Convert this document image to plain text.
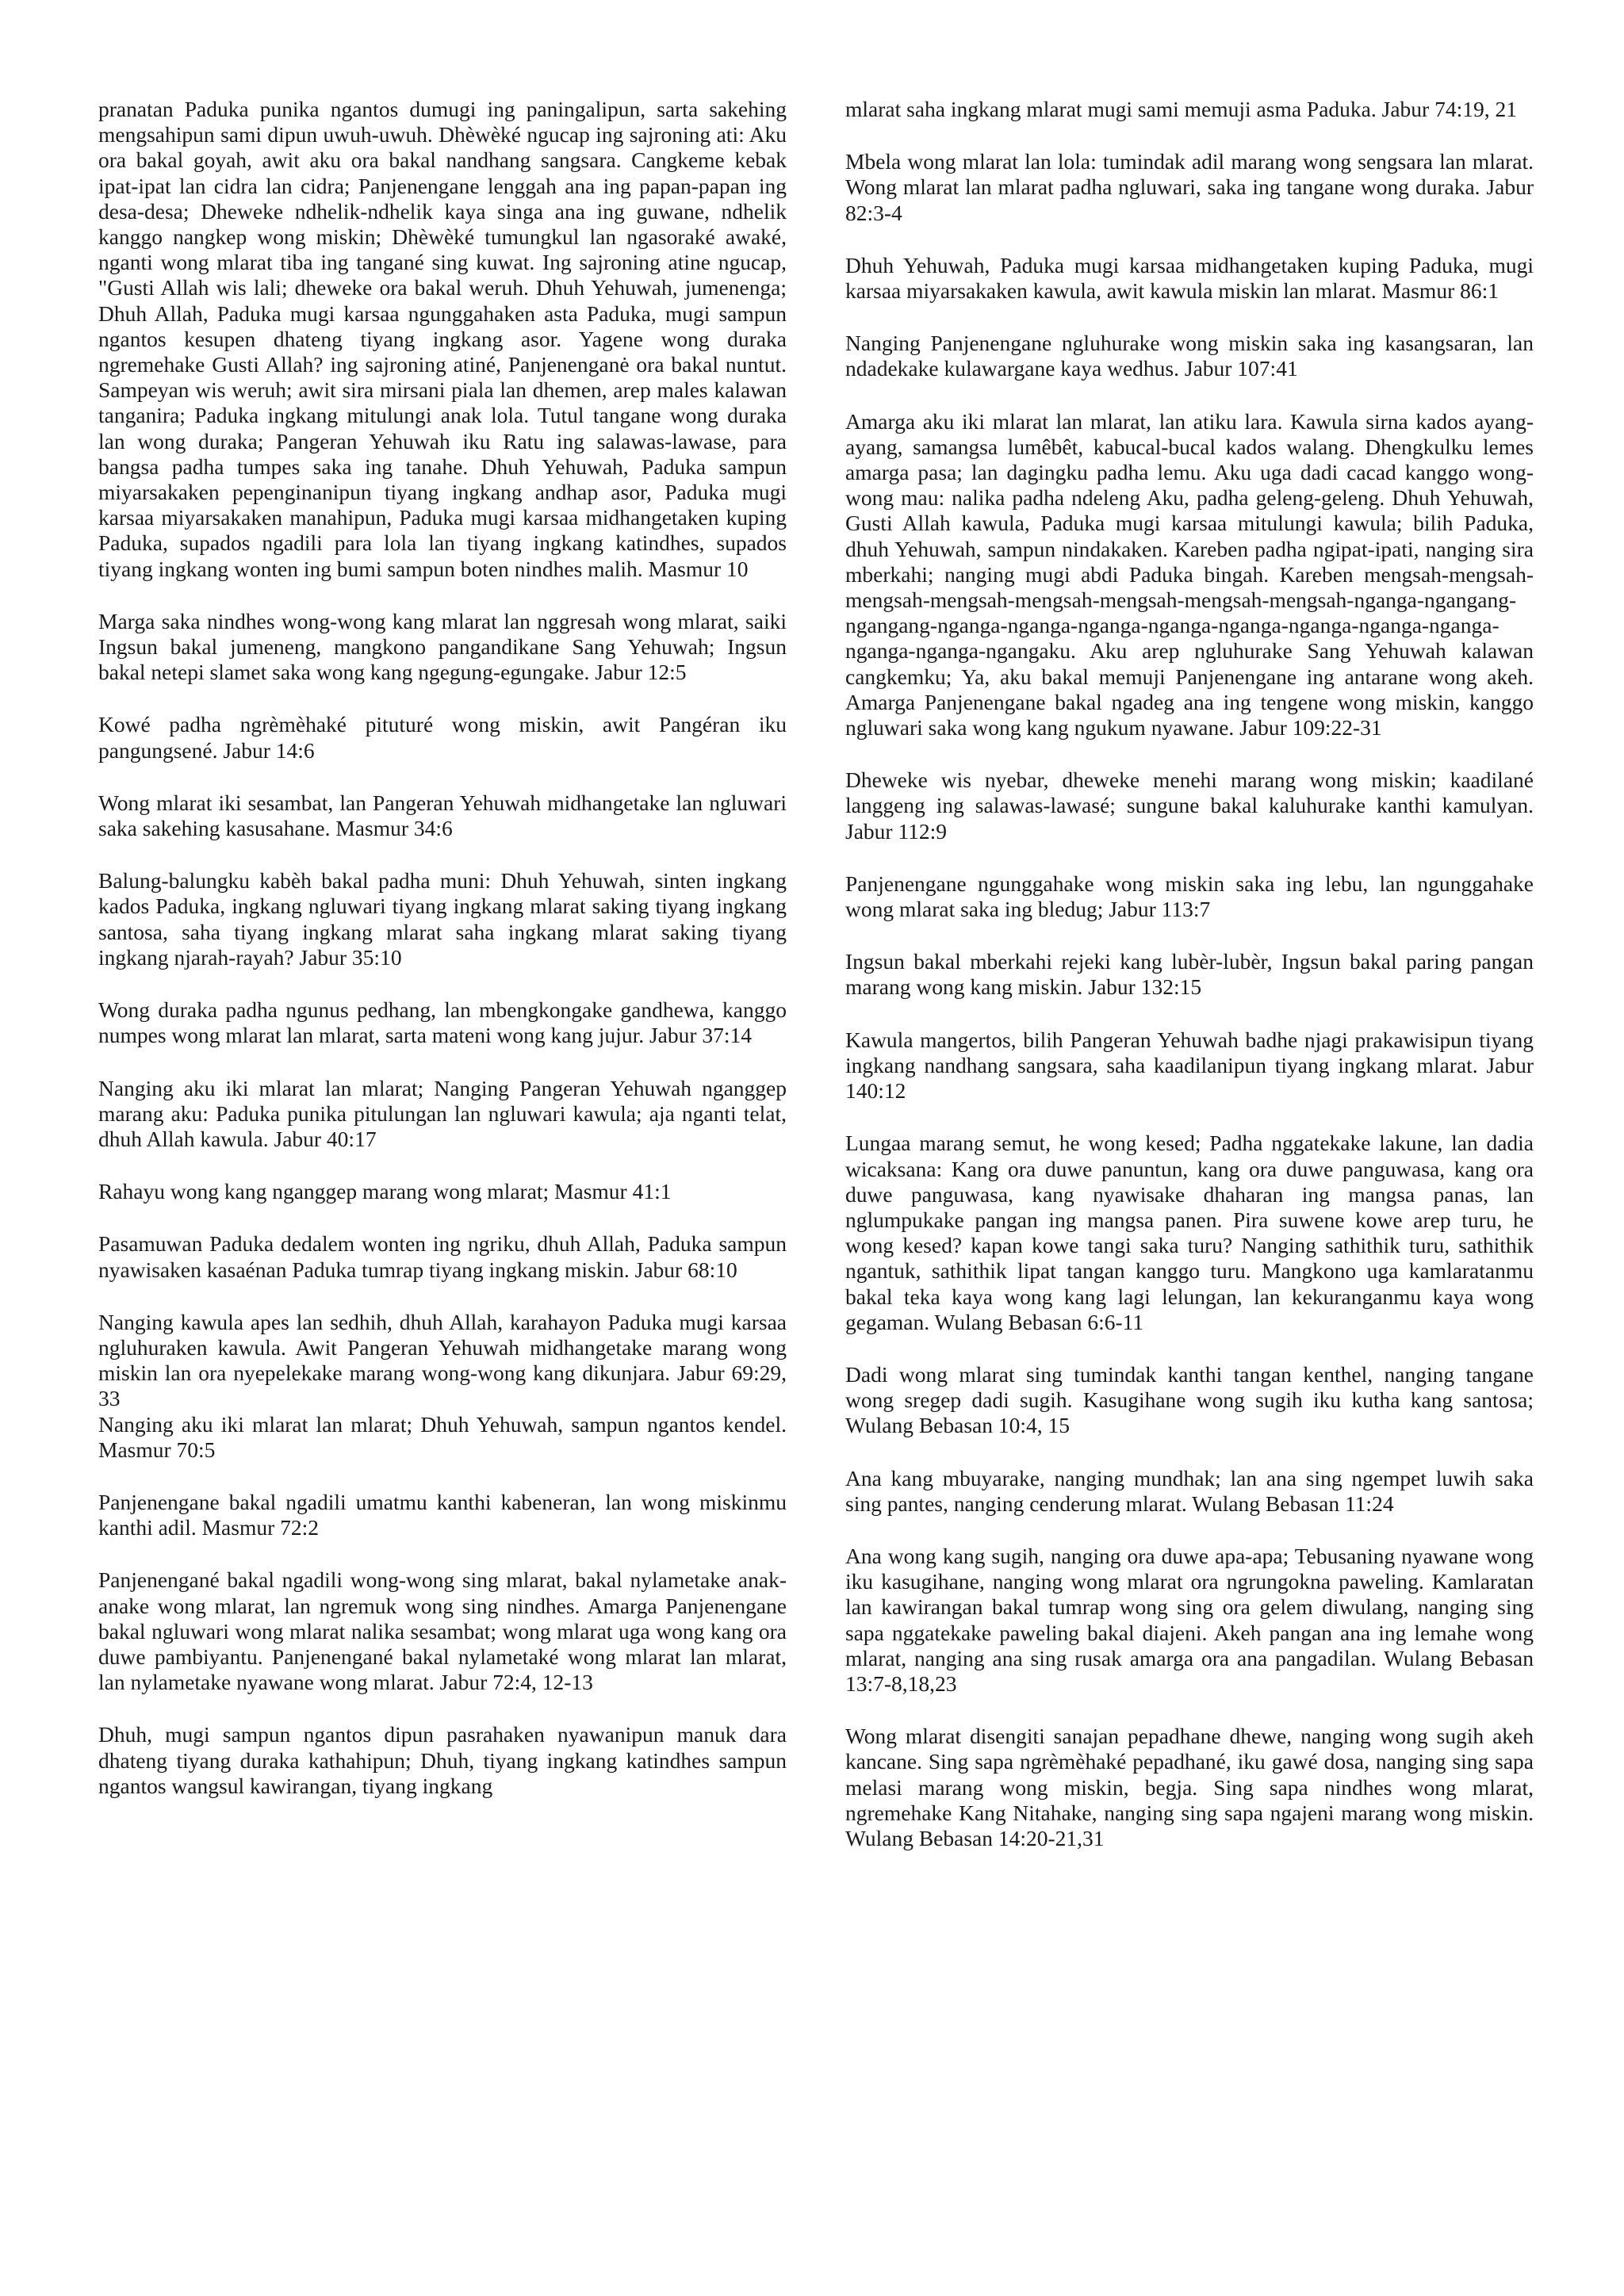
pranatan Paduka punika ngantos dumugi ing paningalipun, sarta sakehing mengsahipun sami dipun uwuh-uwuh. Dhèwèké ngucap ing sajroning ati: Aku ora bakal goyah, awit aku ora bakal nandhang sangsara. Cangkeme kebak ipat-ipat lan cidra lan cidra; Panjenengane lenggah ana ing papan-papan ing desa-desa; Dheweke ndhelik-ndhelik kaya singa ana ing guwane, ndhelik kanggo nangkep wong miskin; Dhèwèké tumungkul lan ngasoraké awaké, nganti wong mlarat tiba ing tangané sing kuwat. Ing sajroning atine ngucap, "Gusti Allah wis lali; dheweke ora bakal weruh. Dhuh Yehuwah, jumenenga; Dhuh Allah, Paduka mugi karsaa ngunggahaken asta Paduka, mugi sampun ngantos kesupen dhateng tiyang ingkang asor. Yagene wong duraka ngremehake Gusti Allah? ing sajroning atiné, Panjenenganė ora bakal nuntut. Sampeyan wis weruh; awit sira mirsani piala lan dhemen, arep males kalawan tanganira; Paduka ingkang mitulungi anak lola. Tutul tangane wong duraka lan wong duraka; Pangeran Yehuwah iku Ratu ing salawas-lawase, para bangsa padha tumpes saka ing tanahe. Dhuh Yehuwah, Paduka sampun miyarsakaken pepenginanipun tiyang ingkang andhap asor, Paduka mugi karsaa miyarsakaken manahipun, Paduka mugi karsaa midhangetaken kuping Paduka, supados ngadili para lola lan tiyang ingkang katindhes, supados tiyang ingkang wonten ing bumi sampun boten nindhes malih. Masmur 10

Marga saka nindhes wong-wong kang mlarat lan nggresah wong mlarat, saiki Ingsun bakal jumeneng, mangkono pangandikane Sang Yehuwah; Ingsun bakal netepi slamet saka wong kang ngegung-egungake. Jabur 12:5

Kowé padha ngrèmèhaké pituturé wong miskin, awit Pangéran iku pangungsené. Jabur 14:6

Wong mlarat iki sesambat, lan Pangeran Yehuwah midhangetake lan ngluwari saka sakehing kasusahane. Masmur 34:6

Balung-balungku kabèh bakal padha muni: Dhuh Yehuwah, sinten ingkang kados Paduka, ingkang ngluwari tiyang ingkang mlarat saking tiyang ingkang santosa, saha tiyang ingkang mlarat saha ingkang mlarat saking tiyang ingkang njarah-rayah? Jabur 35:10

Wong duraka padha ngunus pedhang, lan mbengkongake gandhewa, kanggo numpes wong mlarat lan mlarat, sarta mateni wong kang jujur. Jabur 37:14

Nanging aku iki mlarat lan mlarat; Nanging Pangeran Yehuwah nganggep marang aku: Paduka punika pitulungan lan ngluwari kawula; aja nganti telat, dhuh Allah kawula. Jabur 40:17

Rahayu wong kang nganggep marang wong mlarat; Masmur 41:1

Pasamuwan Paduka dedalem wonten ing ngriku, dhuh Allah, Paduka sampun nyawisaken kasaénan Paduka tumrap tiyang ingkang miskin. Jabur 68:10

Nanging kawula apes lan sedhih, dhuh Allah, karahayon Paduka mugi karsaa ngluhuraken kawula. Awit Pangeran Yehuwah midhangetake marang wong miskin lan ora nyepelekake marang wong-wong kang dikunjara. Jabur 69:29, 33

Nanging aku iki mlarat lan mlarat; Dhuh Yehuwah, sampun ngantos kendel. Masmur 70:5

Panjenengane bakal ngadili umatmu kanthi kabeneran, lan wong miskinmu kanthi adil. Masmur 72:2

Panjenengané bakal ngadili wong-wong sing mlarat, bakal nylametake anak-anake wong mlarat, lan ngremuk wong sing nindhes. Amarga Panjenengane bakal ngluwari wong mlarat nalika sesambat; wong mlarat uga wong kang ora duwe pambiyantu. Panjenengané bakal nylametaké wong mlarat lan mlarat, lan nylametake nyawane wong mlarat. Jabur 72:4, 12-13

Dhuh, mugi sampun ngantos dipun pasrahaken nyawanipun manuk dara dhateng tiyang duraka kathahipun; Dhuh, tiyang ingkang katindhes sampun ngantos wangsul kawirangan, tiyang ingkang

mlarat saha ingkang mlarat mugi sami memuji asma Paduka. Jabur 74:19, 21

Mbela wong mlarat lan lola: tumindak adil marang wong sengsara lan mlarat. Wong mlarat lan mlarat padha ngluwari, saka ing tangane wong duraka. Jabur 82:3-4

Dhuh Yehuwah, Paduka mugi karsaa midhangetaken kuping Paduka, mugi karsaa miyarsakaken kawula, awit kawula miskin lan mlarat. Masmur 86:1

Nanging Panjenengane ngluhurake wong miskin saka ing kasangsaran, lan ndadekake kulawargane kaya wedhus. Jabur 107:41

Amarga aku iki mlarat lan mlarat, lan atiku lara. Kawula sirna kados ayang-ayang, samangsa lumêbêt, kabucal-bucal kados walang. Dhengkulku lemes amarga pasa; lan dagingku padha lemu. Aku uga dadi cacad kanggo wong-wong mau: nalika padha ndeleng Aku, padha geleng-geleng. Dhuh Yehuwah, Gusti Allah kawula, Paduka mugi karsaa mitulungi kawula; bilih Paduka, dhuh Yehuwah, sampun nindakaken. Kareben padha ngipat-ipati, nanging sira mberkahi; nanging mugi abdi Paduka bingah. Kareben mengsah-mengsah-mengsah-mengsah-mengsah-mengsah-mengsah-mengsah-nganga-ngangang-ngangang-nganga-nganga-nganga-nganga-nganga-nganga-nganga-nganga-nganga-nganga-ngangaku. Aku arep ngluhurake Sang Yehuwah kalawan cangkemku; Ya, aku bakal memuji Panjenengane ing antarane wong akeh. Amarga Panjenengane bakal ngadeg ana ing tengene wong miskin, kanggo ngluwari saka wong kang ngukum nyawane. Jabur 109:22-31

Dheweke wis nyebar, dheweke menehi marang wong miskin; kaadilané langgeng ing salawas-lawasé; sungune bakal kaluhurake kanthi kamulyan. Jabur 112:9

Panjenengane ngunggahake wong miskin saka ing lebu, lan ngunggahake wong mlarat saka ing bledug; Jabur 113:7

Ingsun bakal mberkahi rejeki kang lubèr-lubèr, Ingsun bakal paring pangan marang wong kang miskin. Jabur 132:15

Kawula mangertos, bilih Pangeran Yehuwah badhe njagi prakawisipun tiyang ingkang nandhang sangsara, saha kaadilanipun tiyang ingkang mlarat. Jabur 140:12

Lungaa marang semut, he wong kesed; Padha nggatekake lakune, lan dadia wicaksana: Kang ora duwe panuntun, kang ora duwe panguwasa, kang ora duwe panguwasa, kang nyawisake dhaharan ing mangsa panas, lan nglumpukake pangan ing mangsa panen. Pira suwene kowe arep turu, he wong kesed? kapan kowe tangi saka turu? Nanging sathithik turu, sathithik ngantuk, sathithik lipat tangan kanggo turu. Mangkono uga kamlaratanmu bakal teka kaya wong kang lagi lelungan, lan kekuranganmu kaya wong gegaman. Wulang Bebasan 6:6-11

Dadi wong mlarat sing tumindak kanthi tangan kenthel, nanging tangane wong sregep dadi sugih. Kasugihane wong sugih iku kutha kang santosa; Wulang Bebasan 10:4, 15

Ana kang mbuyarake, nanging mundhak; lan ana sing ngempet luwih saka sing pantes, nanging cenderung mlarat. Wulang Bebasan 11:24

Ana wong kang sugih, nanging ora duwe apa-apa; Tebusaning nyawane wong iku kasugihane, nanging wong mlarat ora ngrungokna paweling. Kamlaratan lan kawirangan bakal tumrap wong sing ora gelem diwulang, nanging sing sapa nggatekake paweling bakal diajeni. Akeh pangan ana ing lemahe wong mlarat, nanging ana sing rusak amarga ora ana pangadilan. Wulang Bebasan 13:7-8,18,23

Wong mlarat disengiti sanajan pepadhane dhewe, nanging wong sugih akeh kancane. Sing sapa ngrèmèhaké pepadhané, iku gawé dosa, nanging sing sapa melasi marang wong miskin, begja. Sing sapa nindhes wong mlarat, ngremehake Kang Nitahake, nanging sing sapa ngajeni marang wong miskin. Wulang Bebasan 14:20-21,31
